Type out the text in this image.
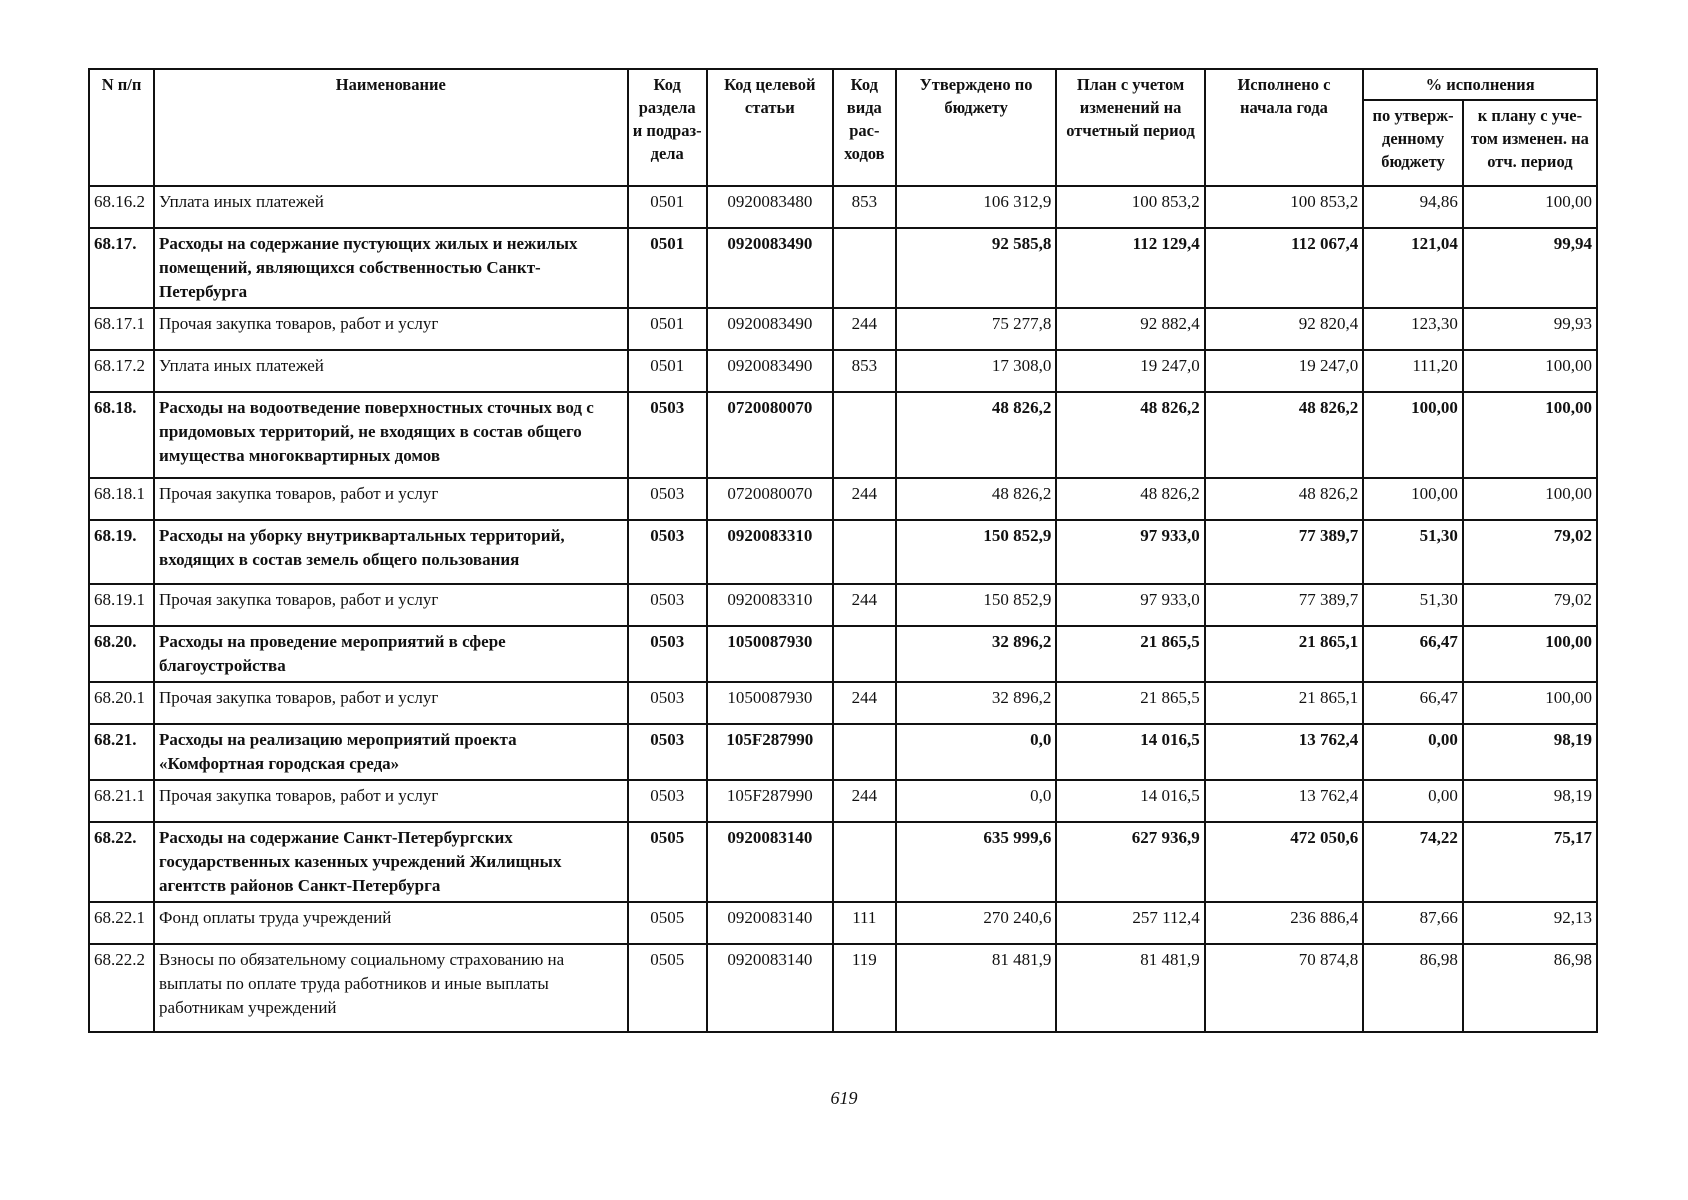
N п/п	Наименование	Код раздела и подраз-дела	Код целевой статьи	Код вида рас-ходов	Утверждено по бюджету	План с учетом изменений на отчетный период	Исполнено с начала года	% исполнения	
								по утверж-денному бюджету	к плану с уче-том изменен. на отч. период
68.16.2	Уплата иных платежей	0501	0920083480	853	106 312,9	100 853,2	100 853,2	94,86	100,00
68.17.	Расходы на содержание пустующих жилых и нежилых помещений, являющихся собственностью Санкт-Петербурга	0501	0920083490		92 585,8	112 129,4	112 067,4	121,04	99,94
68.17.1	Прочая закупка товаров, работ и услуг	0501	0920083490	244	75 277,8	92 882,4	92 820,4	123,30	99,93
68.17.2	Уплата иных платежей	0501	0920083490	853	17 308,0	19 247,0	19 247,0	111,20	100,00
68.18.	Расходы на водоотведение поверхностных сточных вод с придомовых территорий, не входящих в состав общего имущества многоквартирных домов	0503	0720080070		48 826,2	48 826,2	48 826,2	100,00	100,00
68.18.1	Прочая закупка товаров, работ и услуг	0503	0720080070	244	48 826,2	48 826,2	48 826,2	100,00	100,00
68.19.	Расходы на уборку внутриквартальных территорий, входящих в состав земель общего пользования	0503	0920083310		150 852,9	97 933,0	77 389,7	51,30	79,02
68.19.1	Прочая закупка товаров, работ и услуг	0503	0920083310	244	150 852,9	97 933,0	77 389,7	51,30	79,02
68.20.	Расходы на проведение мероприятий в сфере благоустройства	0503	1050087930		32 896,2	21 865,5	21 865,1	66,47	100,00
68.20.1	Прочая закупка товаров, работ и услуг	0503	1050087930	244	32 896,2	21 865,5	21 865,1	66,47	100,00
68.21.	Расходы на реализацию мероприятий проекта «Комфортная городская среда»	0503	105F287990		0,0	14 016,5	13 762,4	0,00	98,19
68.21.1	Прочая закупка товаров, работ и услуг	0503	105F287990	244	0,0	14 016,5	13 762,4	0,00	98,19
68.22.	Расходы на содержание Санкт-Петербургских государственных казенных учреждений Жилищных агентств районов Санкт-Петербурга	0505	0920083140		635 999,6	627 936,9	472 050,6	74,22	75,17
68.22.1	Фонд оплаты труда учреждений	0505	0920083140	111	270 240,6	257 112,4	236 886,4	87,66	92,13
68.22.2	Взносы по обязательному социальному страхованию на выплаты по оплате труда работников и иные выплаты работникам учреждений	0505	0920083140	119	81 481,9	81 481,9	70 874,8	86,98	86,98
619
